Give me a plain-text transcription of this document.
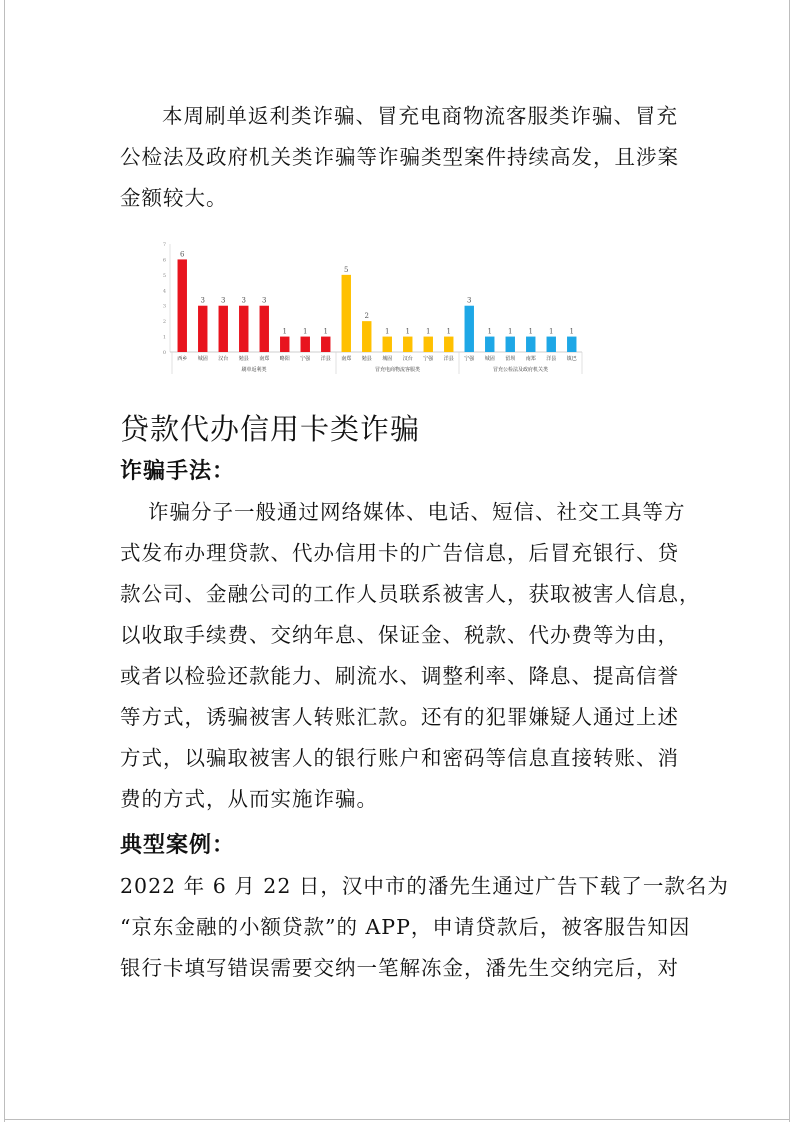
本周刷单返利类诈骗、冒充电商物流客服类诈骗、冒充
公检法及政府机关类诈骗等诈骗类型案件持续高发，且涉案
金额较大。
0
1
2
3
4
5
6
7
6
西乡
3
城固
3
汉台
3
勉县
3
南郑
1
略阳
1
宁强
1
洋县
刷单返利类
5
南郑
2
勉县
1
城固
1
汉台
1
宁强
1
洋县
冒充电商物流客服类
3
宁强
1
城固
1
留坝
1
南郑
1
洋县
1
镇巴
冒充公检法及政府机关类
贷款代办信用卡类诈骗
诈骗手法：
诈骗分子一般通过网络媒体、电话、短信、社交工具等方
式发布办理贷款、代办信用卡的广告信息，后冒充银行、贷
款公司、金融公司的工作人员联系被害人，获取被害人信息，
以收取手续费、交纳年息、保证金、税款、代办费等为由，
或者以检验还款能力、刷流水、调整利率、降息、提高信誉
等方式，诱骗被害人转账汇款。还有的犯罪嫌疑人通过上述
方式，以骗取被害人的银行账户和密码等信息直接转账、消
费的方式，从而实施诈骗。
典型案例：
2022 年 6 月 22 日，汉中市的潘先生通过广告下载了一款名为
“京东金融的小额贷款”的 APP，申请贷款后，被客服告知因
银行卡填写错误需要交纳一笔解冻金，潘先生交纳完后，对
